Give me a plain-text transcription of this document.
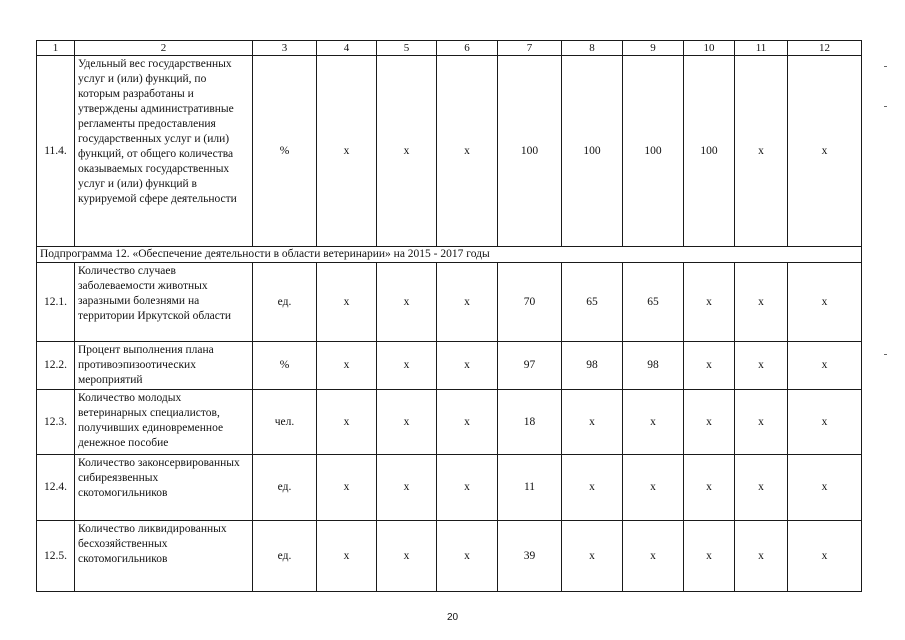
1	2	3	4	5	6	7	8	9	10	11	12
11.4.	Удельный вес государственных услуг и (или) функций, по которым разработаны и утверждены административные регламенты предоставления государственных услуг и (или) функций, от общего количества оказываемых государственных услуг и (или) функций в курируемой сфере деятельности	%	х	х	х	100	100	100	100	х	х
Подпрограмма 12. «Обеспечение деятельности в области ветеринарии» на 2015 - 2017 годы											
12.1.	Количество случаев заболеваемости животных заразными болезнями на территории Иркутской области	ед.	х	х	х	70	65	65	х	х	х
12.2.	Процент выполнения плана противоэпизоотических мероприятий	%	х	х	х	97	98	98	х	х	х
12.3.	Количество молодых ветеринарных специалистов, получивших единовременное денежное пособие	чел.	х	х	х	18	х	х	х	х	х
12.4.	Количество законсервированных сибиреязвенных скотомогильников	ед.	х	х	х	11	х	х	х	х	х
12.5.	Количество ликвидированных бесхозяйственных скотомогильников	ед.	х	х	х	39	х	х	х	х	х
20
